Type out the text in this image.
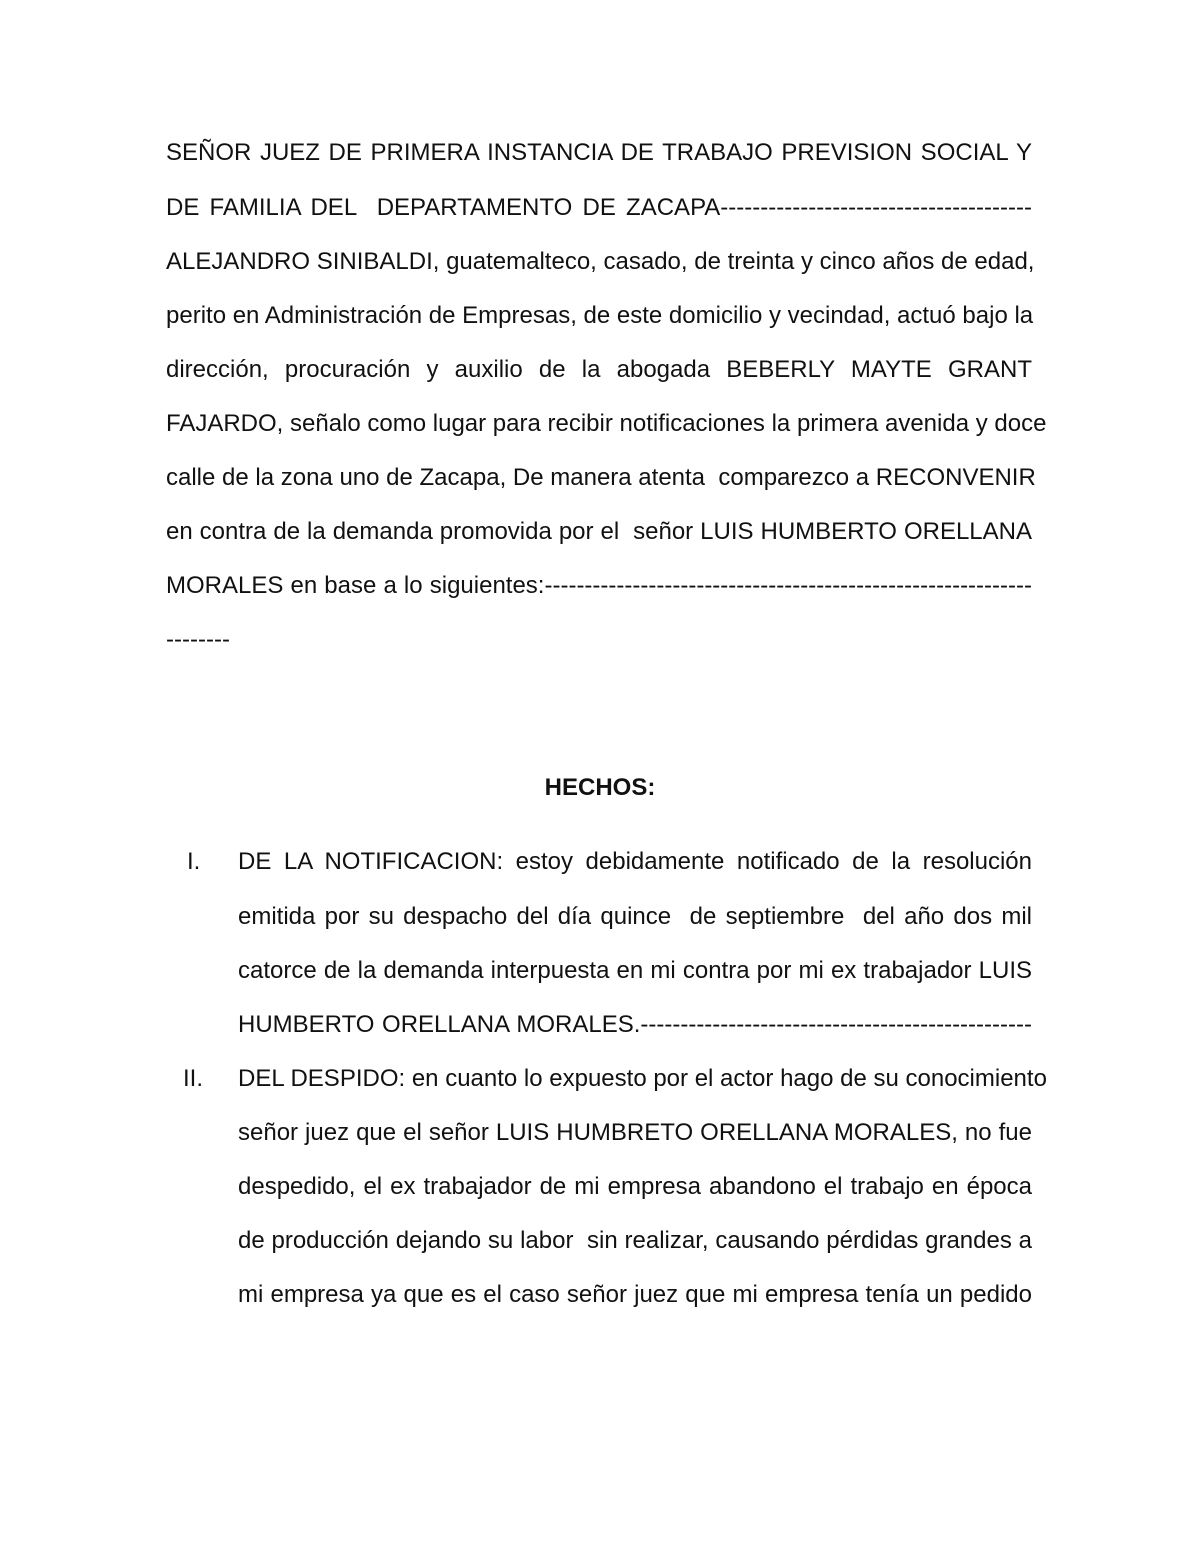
SEÑOR JUEZ DE PRIMERA INSTANCIA DE TRABAJO PREVISION SOCIAL Y
DE FAMILIA DEL  DEPARTAMENTO DE ZACAPA---------------------------------------
ALEJANDRO SINIBALDI, guatemalteco, casado, de treinta y cinco años de edad,
perito en Administración de Empresas, de este domicilio y vecindad, actuó bajo la
dirección, procuración y auxilio de la abogada BEBERLY MAYTE GRANT
FAJARDO, señalo como lugar para recibir notificaciones la primera avenida y doce
calle de la zona uno de Zacapa, De manera atenta  comparezco a RECONVENIR
en contra de la demanda promovida por el  señor LUIS HUMBERTO ORELLANA
MORALES en base a lo siguientes:-------------------------------------------------------------
--------
HECHOS:
I. DE LA NOTIFICACION: estoy debidamente notificado de la resolución
emitida por su despacho del día quince  de septiembre  del año dos mil
catorce de la demanda interpuesta en mi contra por mi ex trabajador LUIS
HUMBERTO ORELLANA MORALES.-------------------------------------------------
II. DEL DESPIDO: en cuanto lo expuesto por el actor hago de su conocimiento
señor juez que el señor LUIS HUMBRETO ORELLANA MORALES, no fue
despedido, el ex trabajador de mi empresa abandono el trabajo en época
de producción dejando su labor  sin realizar, causando pérdidas grandes a
mi empresa ya que es el caso señor juez que mi empresa tenía un pedido
